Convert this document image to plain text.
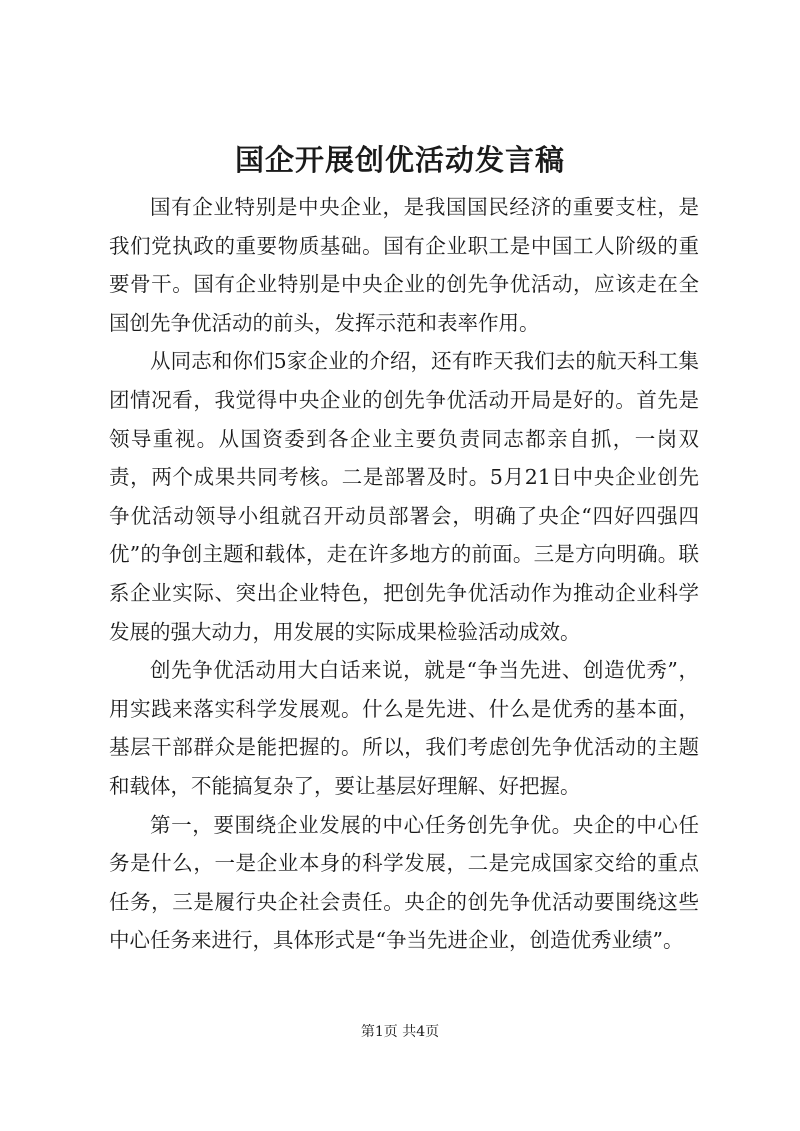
国企开展创优活动发言稿

国有企业特别是中央企业，是我国国民经济的重要支柱，是我们党执政的重要物质基础。国有企业职工是中国工人阶级的重要骨干。国有企业特别是中央企业的创先争优活动，应该走在全国创先争优活动的前头，发挥示范和表率作用。

从同志和你们5家企业的介绍，还有昨天我们去的航天科工集团情况看，我觉得中央企业的创先争优活动开局是好的。首先是领导重视。从国资委到各企业主要负责同志都亲自抓，一岗双责，两个成果共同考核。二是部署及时。5月21日中央企业创先争优活动领导小组就召开动员部署会，明确了央企“四好四强四优”的争创主题和载体，走在许多地方的前面。三是方向明确。联系企业实际、突出企业特色，把创先争优活动作为推动企业科学发展的强大动力，用发展的实际成果检验活动成效。

创先争优活动用大白话来说，就是“争当先进、创造优秀”，用实践来落实科学发展观。什么是先进、什么是优秀的基本面，基层干部群众是能把握的。所以，我们考虑创先争优活动的主题和载体，不能搞复杂了，要让基层好理解、好把握。

第一，要围绕企业发展的中心任务创先争优。央企的中心任务是什么，一是企业本身的科学发展，二是完成国家交给的重点任务，三是履行央企社会责任。央企的创先争优活动要围绕这些中心任务来进行，具体形式是“争当先进企业，创造优秀业绩”。

第1页 共4页
